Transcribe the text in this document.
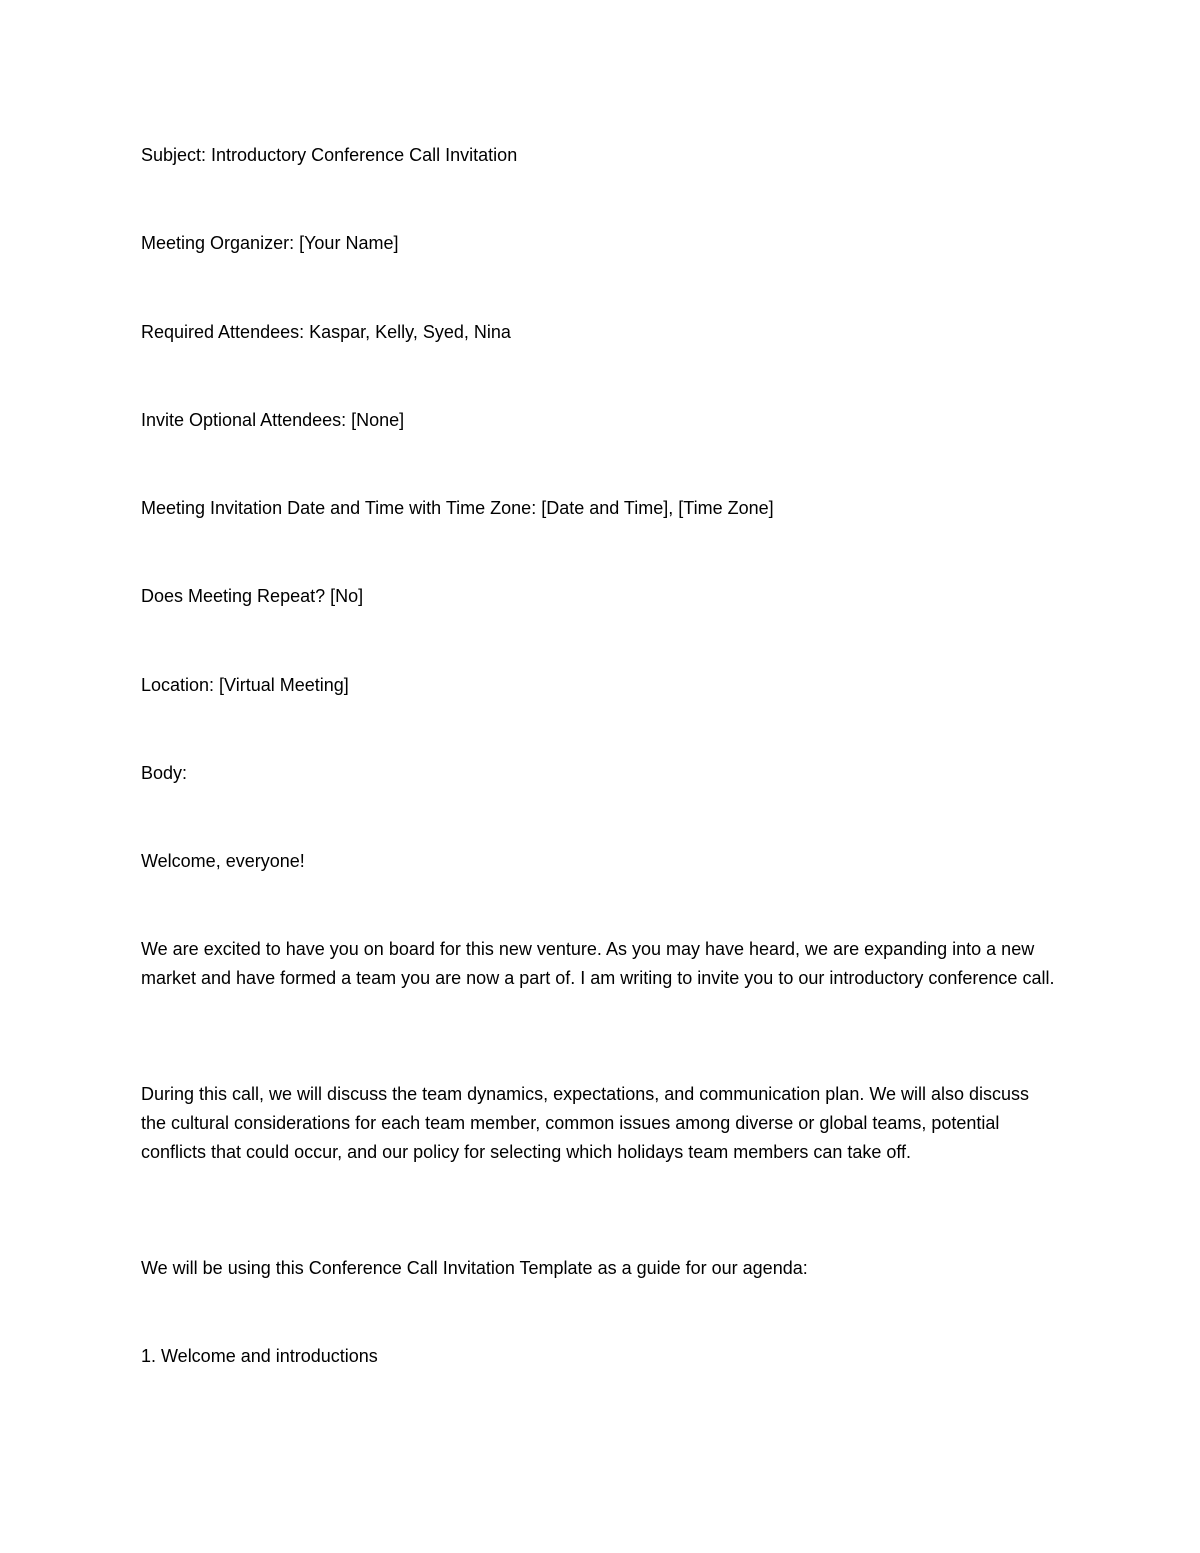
Subject: Introductory Conference Call Invitation
Meeting Organizer: [Your Name]
Required Attendees: Kaspar, Kelly, Syed, Nina
Invite Optional Attendees: [None]
Meeting Invitation Date and Time with Time Zone: [Date and Time], [Time Zone]
Does Meeting Repeat? [No]
Location: [Virtual Meeting]
Body:
Welcome, everyone!
We are excited to have you on board for this new venture. As you may have heard, we are expanding into a new market and have formed a team you are now a part of. I am writing to invite you to our introductory conference call.
During this call, we will discuss the team dynamics, expectations, and communication plan. We will also discuss the cultural considerations for each team member, common issues among diverse or global teams, potential conflicts that could occur, and our policy for selecting which holidays team members can take off.
We will be using this Conference Call Invitation Template as a guide for our agenda:
1. Welcome and introductions
